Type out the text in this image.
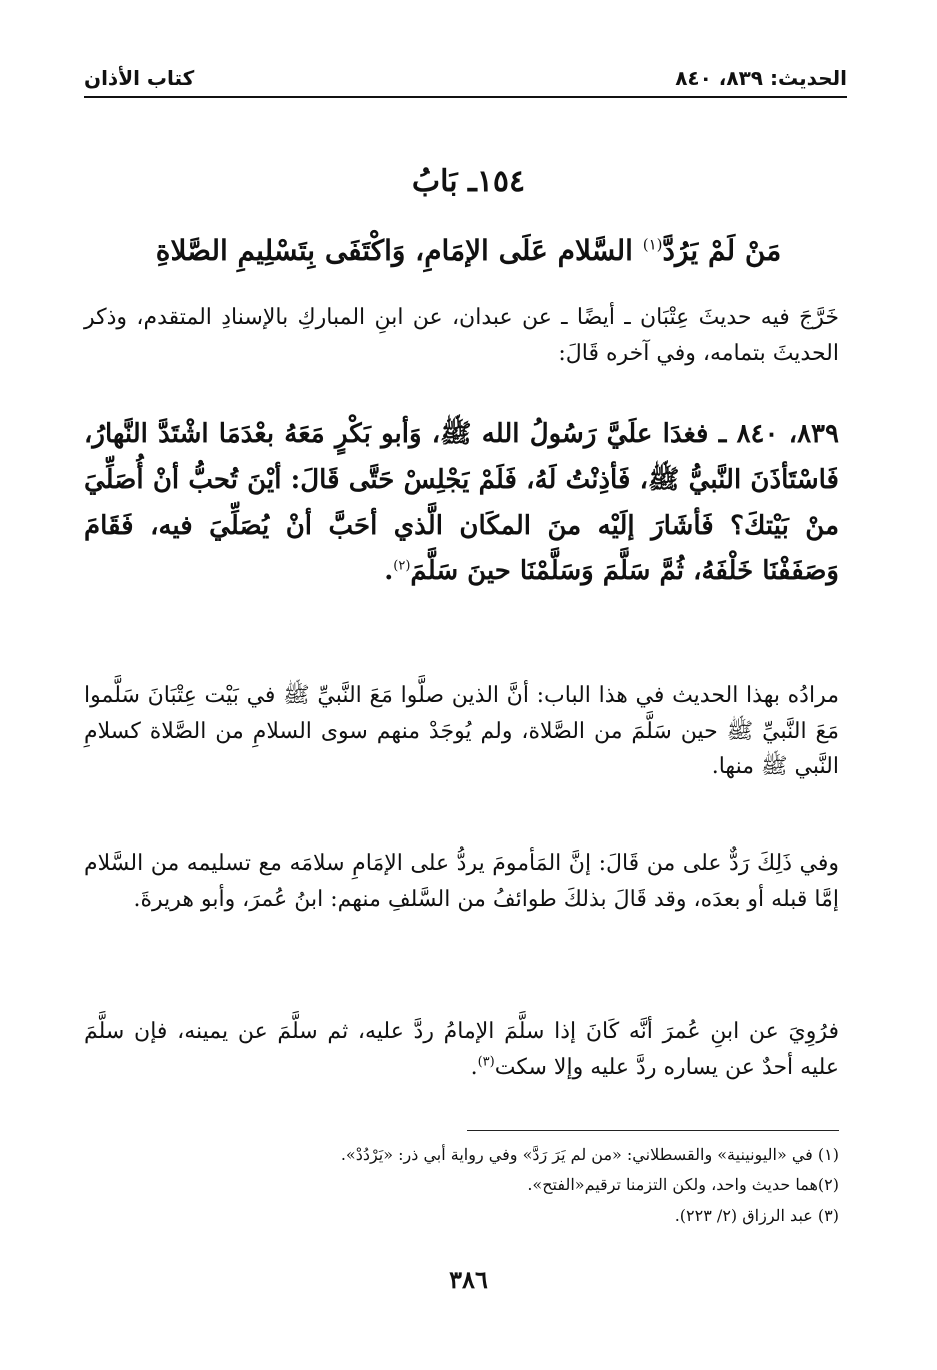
الحديث: ٨٣٩، ٨٤٠
كتاب الأذان
١٥٤ـ بَابُ
مَنْ لَمْ يَرُدَّ$^{(١)}$ السَّلام عَلَى الإمَامِ، وَاكْتَفَى بِتَسْلِيمِ الصَّلاةِ

خَرَّجَ فيه حديثَ عِتْبَان ـ أيضًا ـ عن عبدان، عن ابنِ المباركِ بالإسنادِ المتقدم، وذكر الحديثَ بتمامه، وفي آخره قَالَ:

٨٣٩، ٨٤٠ ـ فغدَا علَيَّ رَسُولُ الله ﷺ، وَأبو بَكْرٍ مَعَهُ بعْدَمَا اشْتَدَّ النَّهارُ، فَاسْتَأذَنَ النَّبيُّ ﷺ، فَأذِنْتُ لَهُ، فَلَمْ يَجْلِسْ حَتَّى قَالَ: أيْنَ تُحبُّ أنْ أُصَلِّيَ منْ بَيْتكَ؟ فَأشَارَ إلَيْه منَ المكَان الَّذي أحَبَّ أنْ يُصَلِّيَ فيه، فَقَامَ وَصَفَفْنَا خَلْفَهُ، ثُمَّ سَلَّمَ وَسَلَّمْنَا حينَ سَلَّمَ$^{(٢)}$.

مرادُه بهذا الحديث في هذا الباب: أنَّ الذين صلَّوا مَعَ النَّبيِّ ﷺ في بَيْت عِتْبَانَ سَلَّموا مَعَ النَّبيِّ ﷺ حين سَلَّمَ من الصَّلاة، ولم يُوجَدْ منهم سوى السلامِ من الصَّلاة كسلامِ النَّبي ﷺ منها.

وفي ذَلِكَ رَدٌّ على من قَالَ: إنَّ المَأمومَ يردُّ على الإمَامِ سلامَه مع تسليمه من السَّلام إمَّا قبله أو بعدَه، وقد قَالَ بذلكَ طوائفُ من السَّلفِ منهم: ابنُ عُمرَ، وأبو هريرةَ.

فرُوِيَ عن ابنِ عُمرَ أنَّه كَانَ إذا سلَّمَ الإمامُ ردَّ عليه، ثم سلَّمَ عن يمينه، فإن سلَّمَ عليه أحدٌ عن يساره ردَّ عليه وإلا سكت$^{(٣)}$.

(١) في «اليونينية» والقسطلاني: «من لم يَرَ رَدَّ» وفي رواية أبي ذر: «يَرْدُدْ».
(٢)هما حديث واحد، ولكن التزمنا ترقيم«الفتح».
(٣) عبد الرزاق (٢/ ٢٢٣).
٣٨٦
